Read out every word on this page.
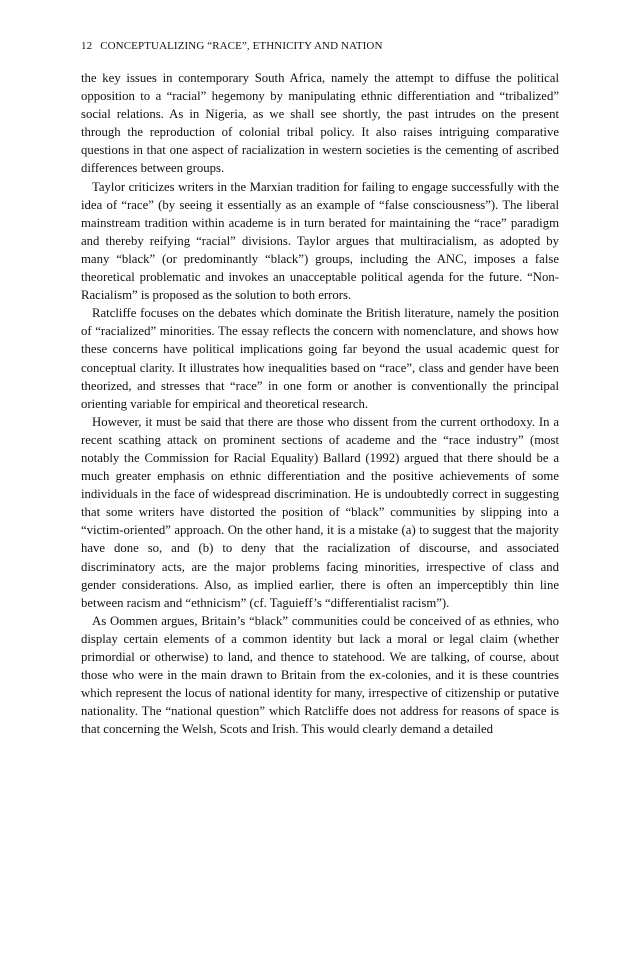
12 CONCEPTUALIZING “RACE”, ETHNICITY AND NATION

the key issues in contemporary South Africa, namely the attempt to diffuse the political opposition to a “racial” hegemony by manipulating ethnic differentiation and “tribalized” social relations. As in Nigeria, as we shall see shortly, the past intrudes on the present through the reproduction of colonial tribal policy. It also raises intriguing comparative questions in that one aspect of racialization in western societies is the cementing of ascribed differences between groups.

Taylor criticizes writers in the Marxian tradition for failing to engage successfully with the idea of “race” (by seeing it essentially as an example of “false consciousness”). The liberal mainstream tradition within academe is in turn berated for maintaining the “race” paradigm and thereby reifying “racial” divisions. Taylor argues that multiracialism, as adopted by many “black” (or predominantly “black”) groups, including the ANC, imposes a false theoretical problematic and invokes an unacceptable political agenda for the future. “Non-Racialism” is proposed as the solution to both errors.

Ratcliffe focuses on the debates which dominate the British literature, namely the position of “racialized” minorities. The essay reflects the concern with nomenclature, and shows how these concerns have political implications going far beyond the usual academic quest for conceptual clarity. It illustrates how inequalities based on “race”, class and gender have been theorized, and stresses that “race” in one form or another is conventionally the principal orienting variable for empirical and theoretical research.

However, it must be said that there are those who dissent from the current orthodoxy. In a recent scathing attack on prominent sections of academe and the “race industry” (most notably the Commission for Racial Equality) Ballard (1992) argued that there should be a much greater emphasis on ethnic differentiation and the positive achievements of some individuals in the face of widespread discrimination. He is undoubtedly correct in suggesting that some writers have distorted the position of “black” communities by slipping into a “victim-oriented” approach. On the other hand, it is a mistake (a) to suggest that the majority have done so, and (b) to deny that the racialization of discourse, and associated discriminatory acts, are the major problems facing minorities, irrespective of class and gender considerations. Also, as implied earlier, there is often an imperceptibly thin line between racism and “ethnicism” (cf. Taguieff’s “differentialist racism”).

As Oommen argues, Britain’s “black” communities could be conceived of as ethnies, who display certain elements of a common identity but lack a moral or legal claim (whether primordial or otherwise) to land, and thence to statehood. We are talking, of course, about those who were in the main drawn to Britain from the ex-colonies, and it is these countries which represent the locus of national identity for many, irrespective of citizenship or putative nationality. The “national question” which Ratcliffe does not address for reasons of space is that concerning the Welsh, Scots and Irish. This would clearly demand a detailed
